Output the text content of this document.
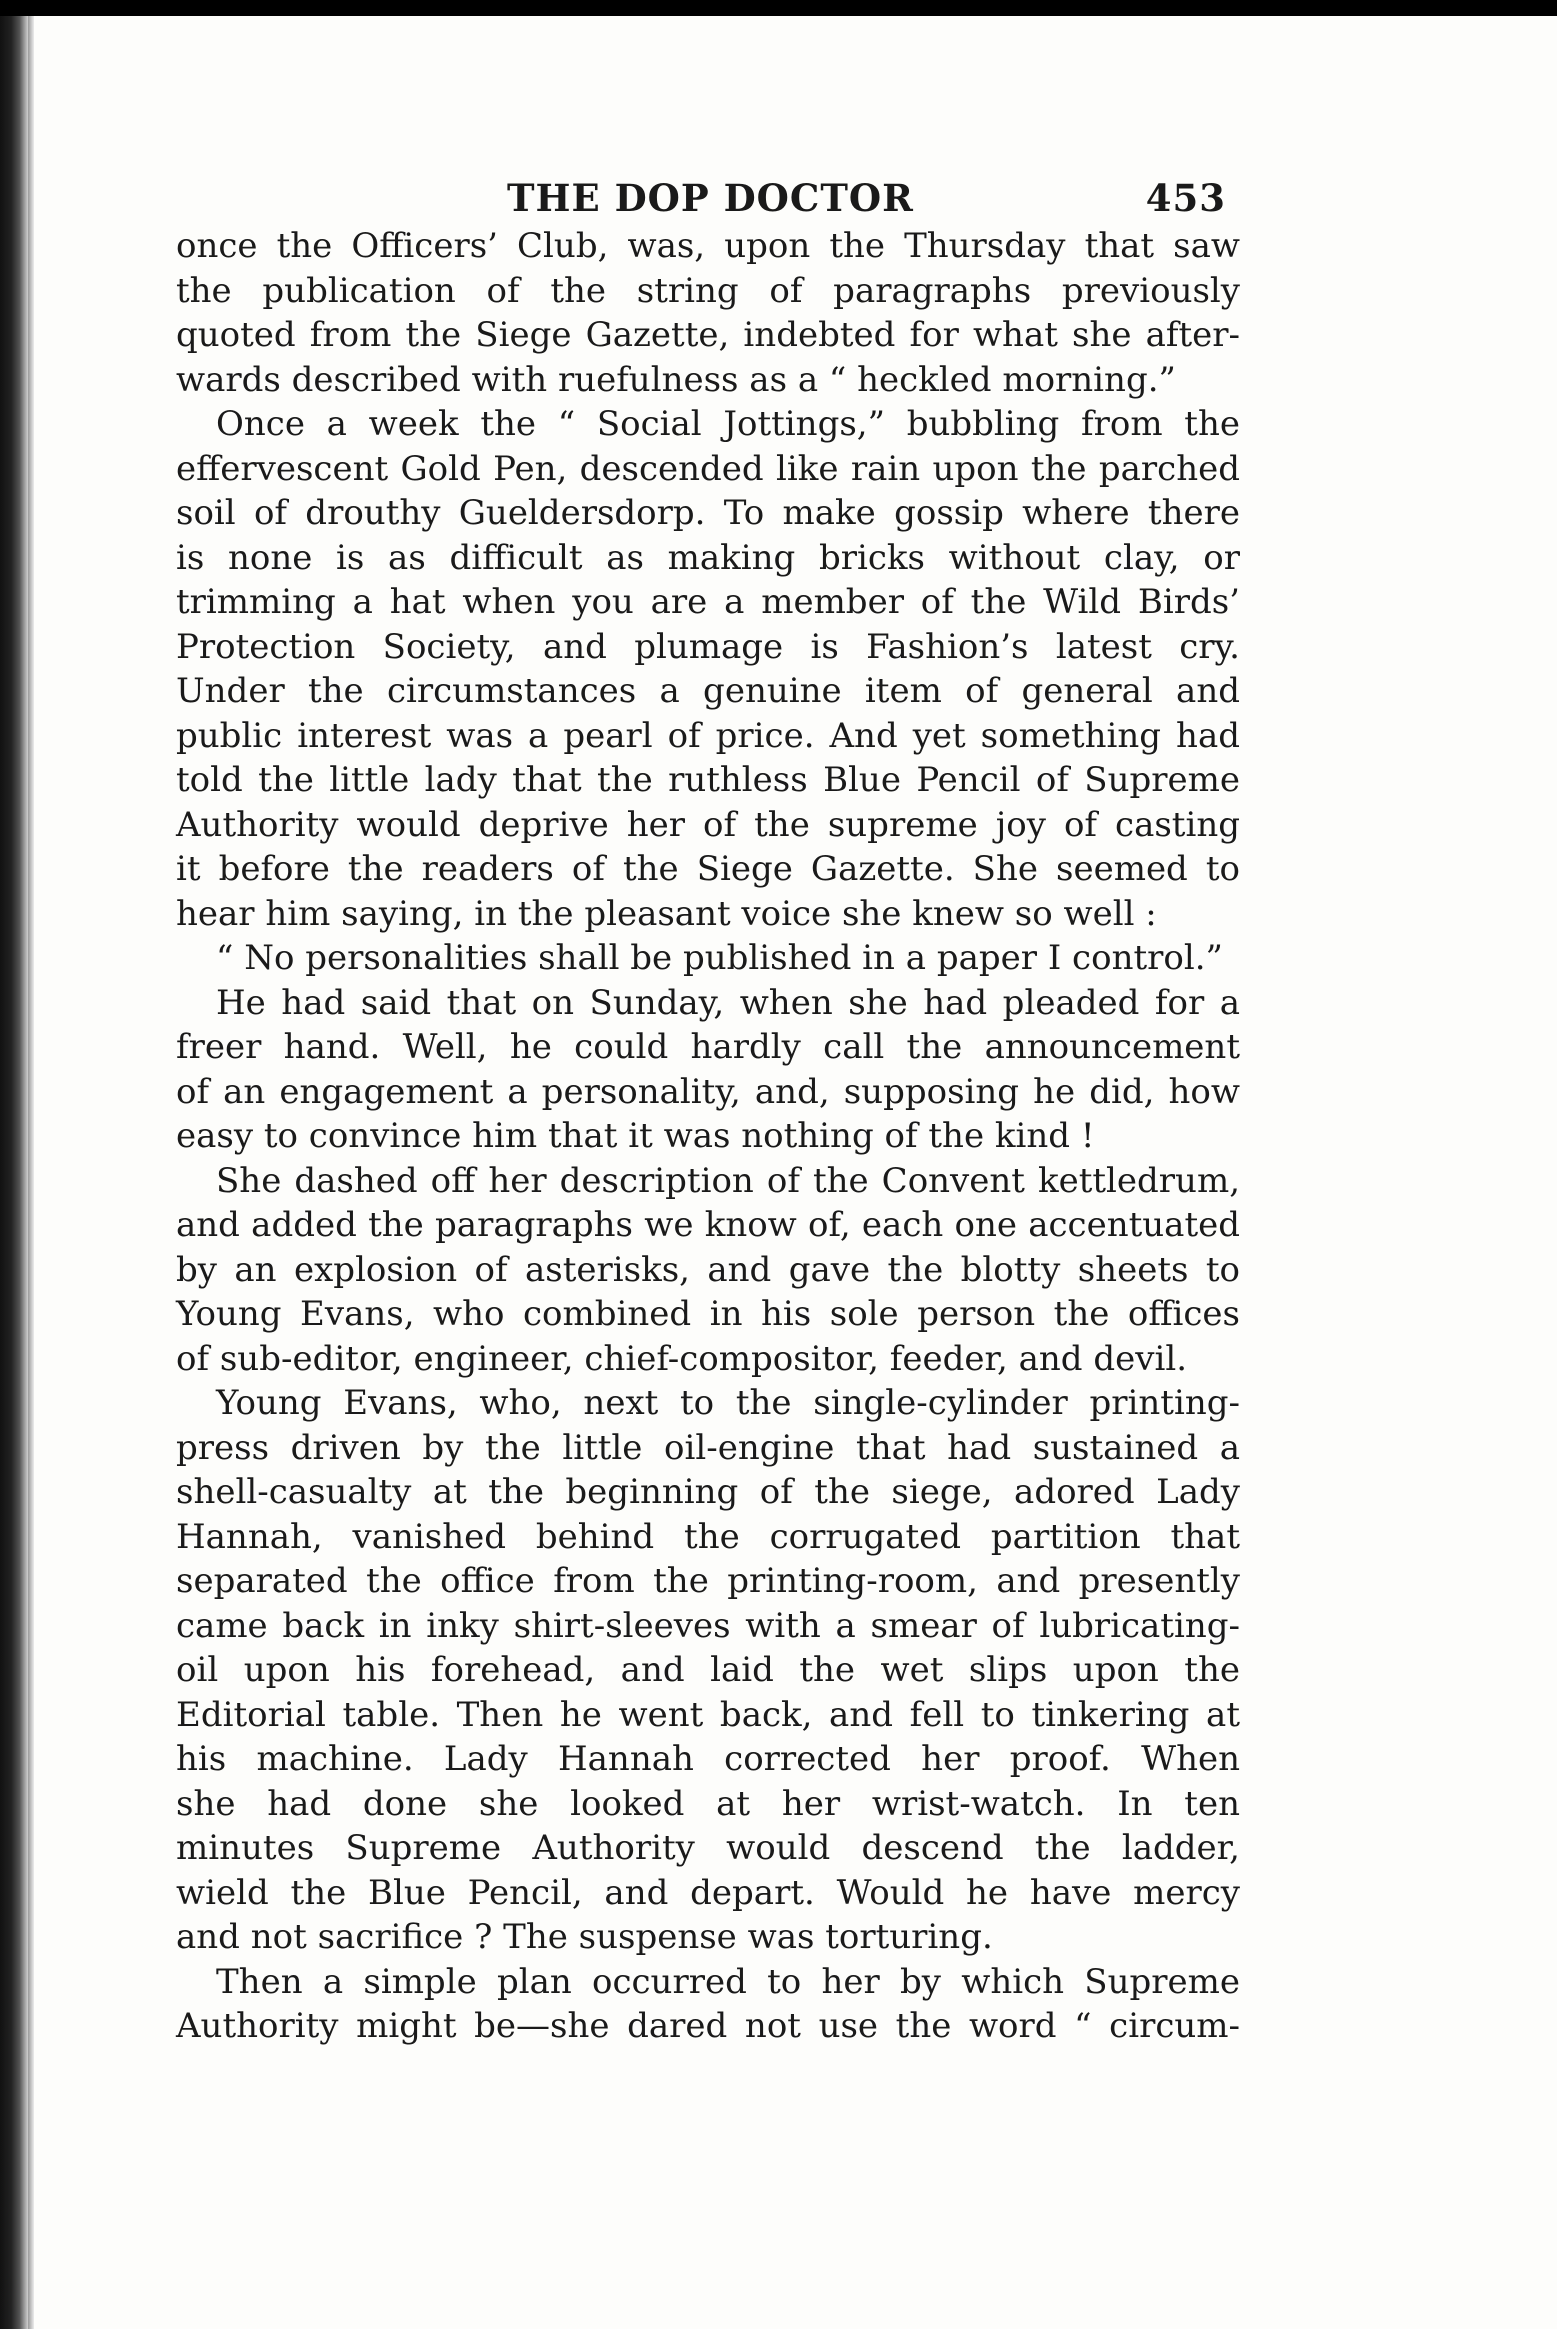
THE DOP DOCTOR	453
once the Officers’ Club, was, upon the Thursday that saw
the publication of the string of paragraphs previously
quoted from the Siege Gazette, indebted for what she after-
wards described with ruefulness as a “ heckled morning.”
Once a week the “ Social Jottings,” bubbling from the
effervescent Gold Pen, descended like rain upon the parched
soil of drouthy Gueldersdorp. To make gossip where there
is none is as difficult as making bricks without clay, or
trimming a hat when you are a member of the Wild Birds’
Protection Society, and plumage is Fashion’s latest cry.
Under the circumstances a genuine item of general and
public interest was a pearl of price. And yet something had
told the little lady that the ruthless Blue Pencil of Supreme
Authority would deprive her of the supreme joy of casting
it before the readers of the Siege Gazette. She seemed to
hear him saying, in the pleasant voice she knew so well :
“ No personalities shall be published in a paper I control.”
He had said that on Sunday, when she had pleaded for a
freer hand. Well, he could hardly call the announcement
of an engagement a personality, and, supposing he did, how
easy to convince him that it was nothing of the kind !
She dashed off her description of the Convent kettledrum,
and added the paragraphs we know of, each one accentuated
by an explosion of asterisks, and gave the blotty sheets to
Young Evans, who combined in his sole person the offices
of sub-editor, engineer, chief-compositor, feeder, and devil.
Young Evans, who, next to the single-cylinder printing-
press driven by the little oil-engine that had sustained a
shell-casualty at the beginning of the siege, adored Lady
Hannah, vanished behind the corrugated partition that
separated the office from the printing-room, and presently
came back in inky shirt-sleeves with a smear of lubricating-
oil upon his forehead, and laid the wet slips upon the
Editorial table. Then he went back, and fell to tinkering at
his machine. Lady Hannah corrected her proof. When
she had done she looked at her wrist-watch. In ten
minutes Supreme Authority would descend the ladder,
wield the Blue Pencil, and depart. Would he have mercy
and not sacrifice ? The suspense was torturing.
Then a simple plan occurred to her by which Supreme
Authority might be—she dared not use the word “ circum-
